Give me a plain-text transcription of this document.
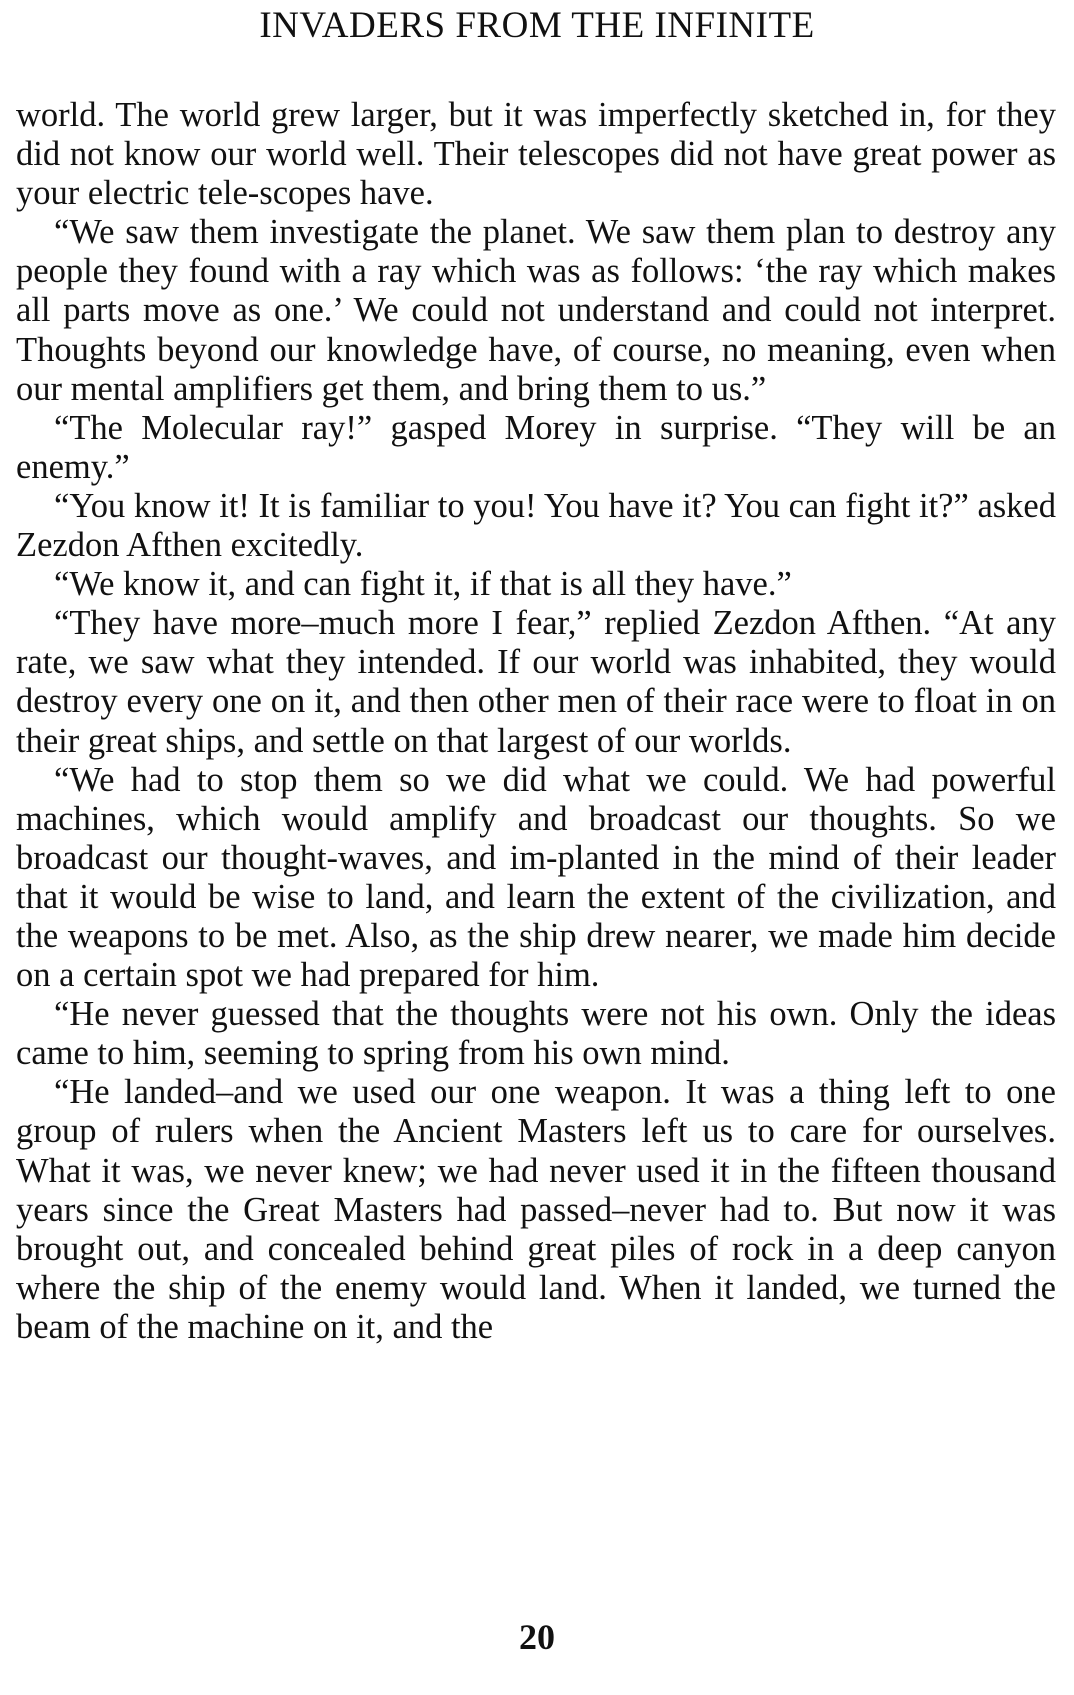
INVADERS FROM THE INFINITE

world. The world grew larger, but it was imperfectly sketched in, for they did not know our world well. Their telescopes did not have great power as your electric tele-scopes have.

“We saw them investigate the planet. We saw them plan to destroy any people they found with a ray which was as follows: ‘the ray which makes all parts move as one.’ We could not understand and could not interpret. Thoughts beyond our knowledge have, of course, no meaning, even when our mental amplifiers get them, and bring them to us.”

“The Molecular ray!” gasped Morey in surprise. “They will be an enemy.”

“You know it! It is familiar to you! You have it? You can fight it?” asked Zezdon Afthen excitedly.

“We know it, and can fight it, if that is all they have.”

“They have more–much more I fear,” replied Zezdon Afthen. “At any rate, we saw what they intended. If our world was inhabited, they would destroy every one on it, and then other men of their race were to float in on their great ships, and settle on that largest of our worlds.

“We had to stop them so we did what we could. We had powerful machines, which would amplify and broadcast our thoughts. So we broadcast our thought-waves, and im-planted in the mind of their leader that it would be wise to land, and learn the extent of the civilization, and the weapons to be met. Also, as the ship drew nearer, we made him decide on a certain spot we had prepared for him.

“He never guessed that the thoughts were not his own. Only the ideas came to him, seeming to spring from his own mind.

“He landed–and we used our one weapon. It was a thing left to one group of rulers when the Ancient Masters left us to care for ourselves. What it was, we never knew; we had never used it in the fifteen thousand years since the Great Masters had passed–never had to. But now it was brought out, and concealed behind great piles of rock in a deep canyon where the ship of the enemy would land. When it landed, we turned the beam of the machine on it, and the

20
